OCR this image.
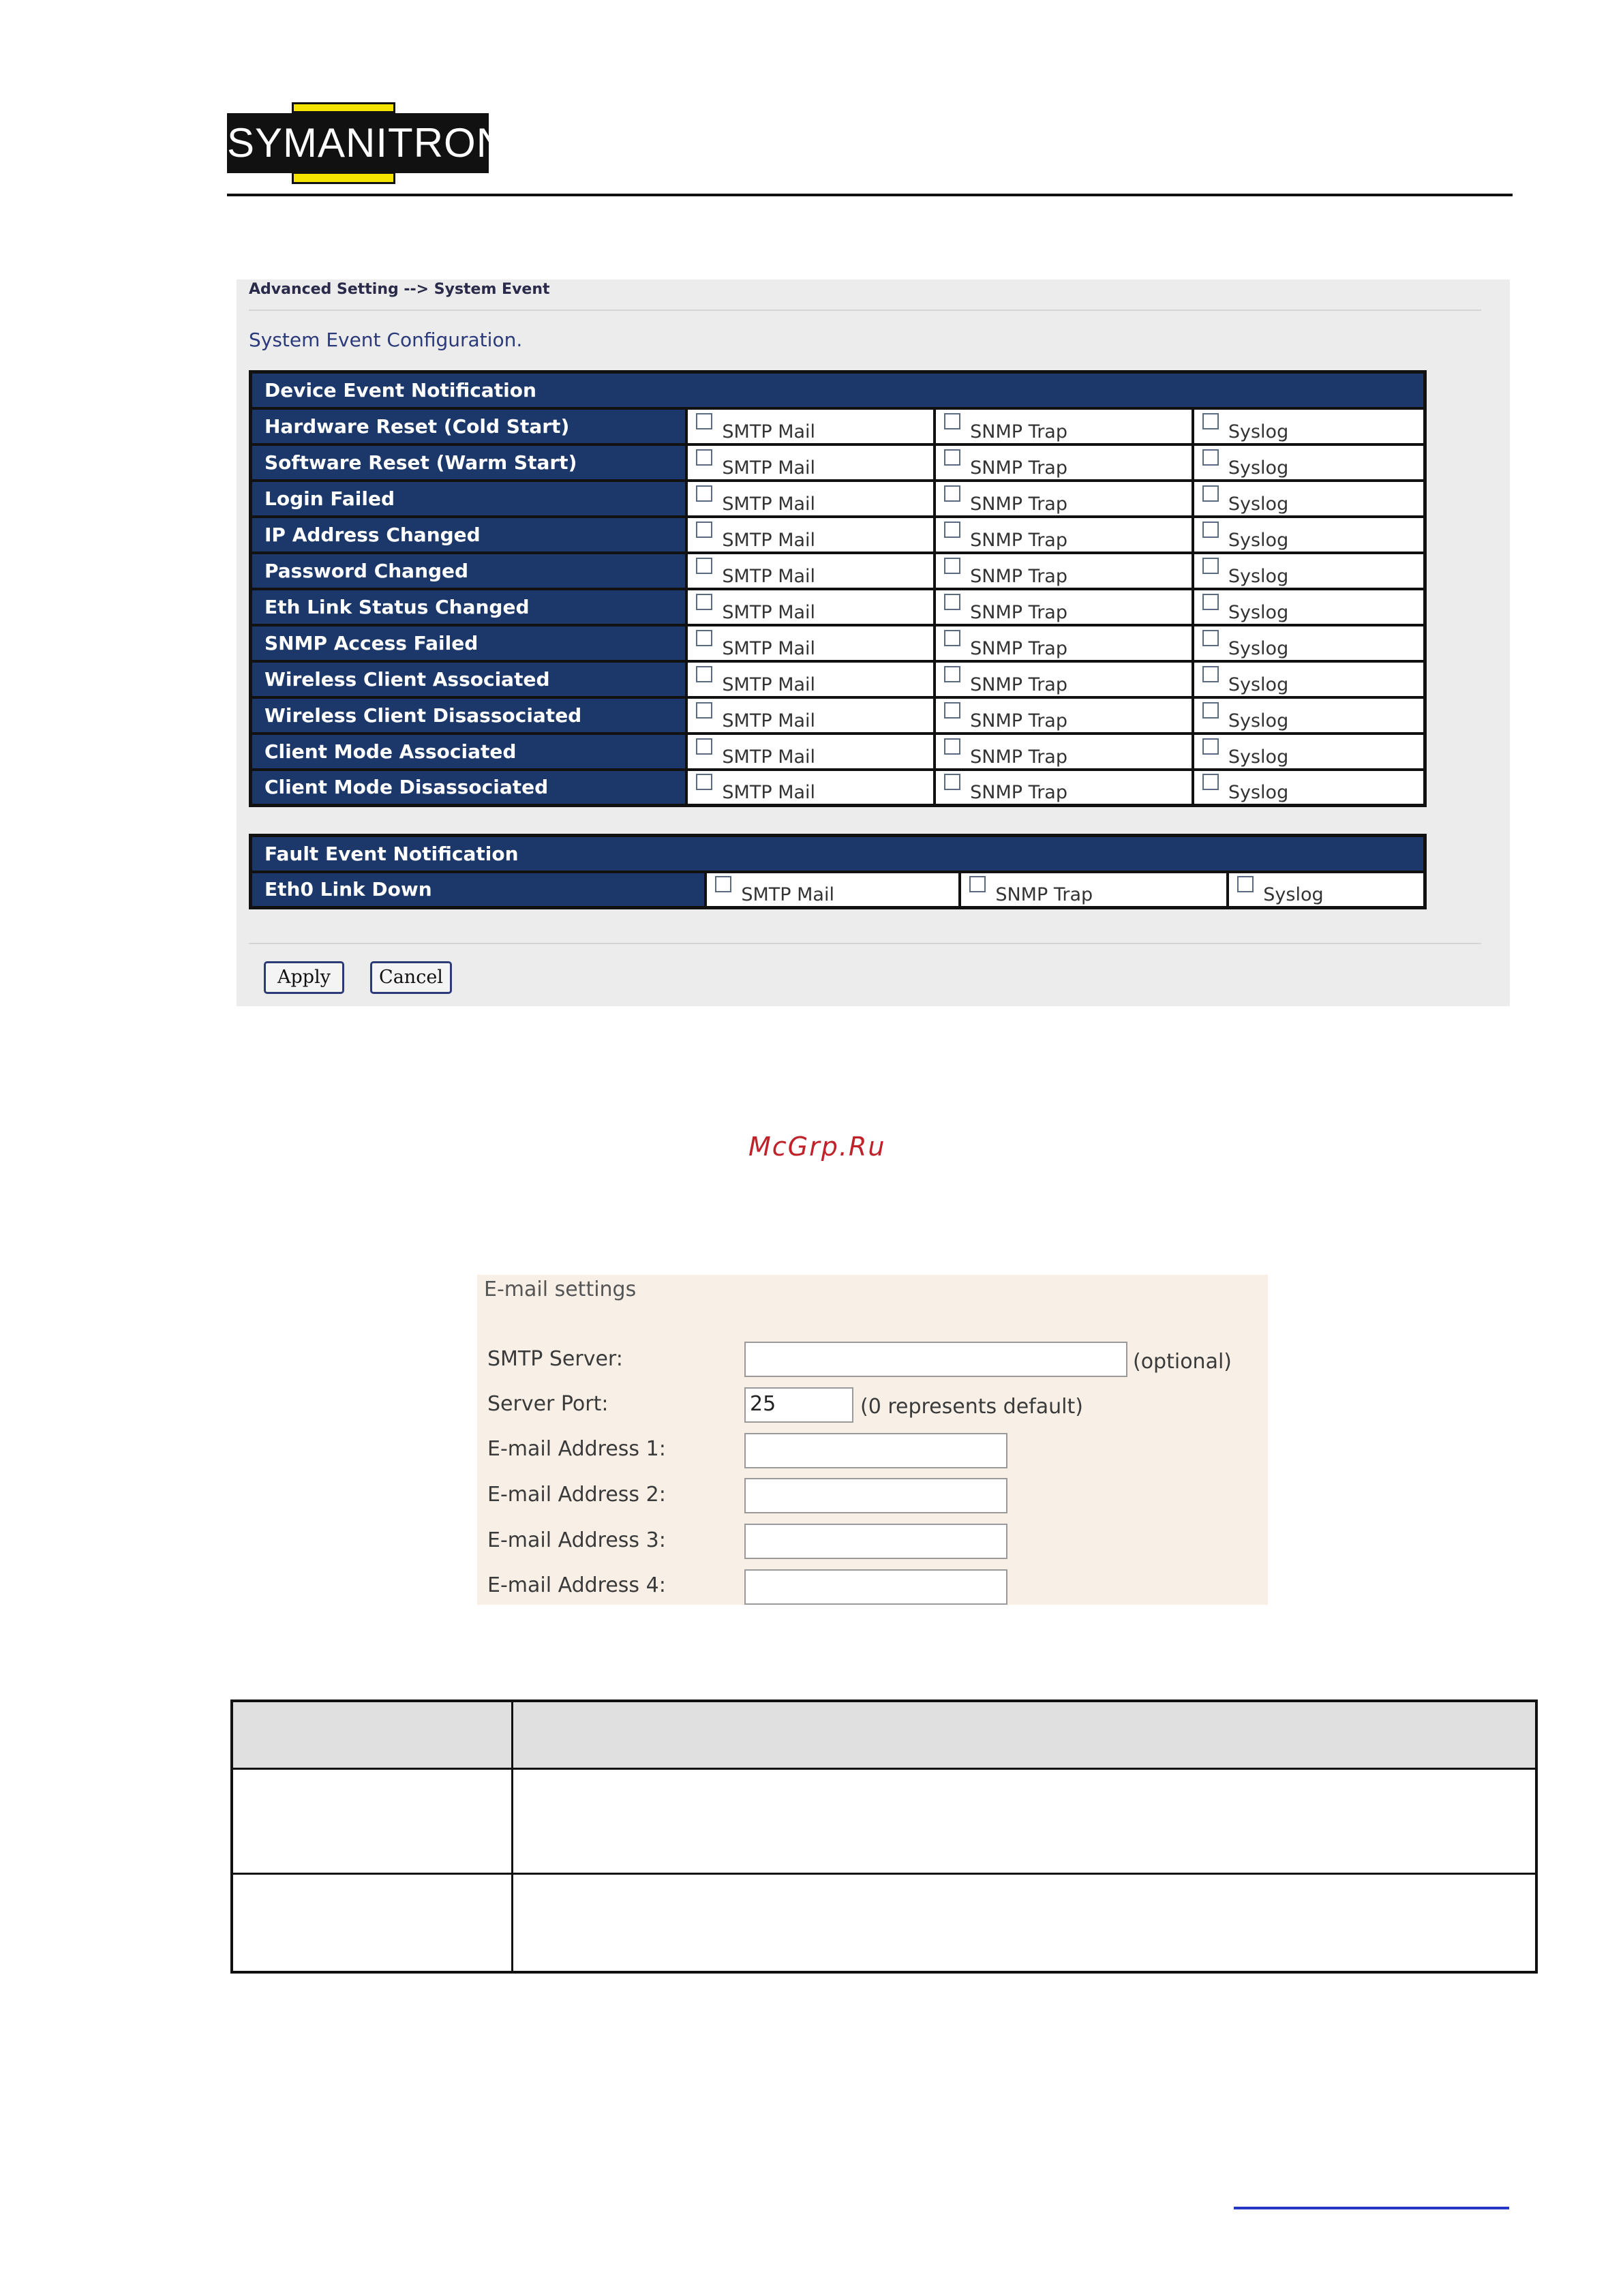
SYMANITRON
Advanced Setting --> System Event
System Event Configuration.
Device Event Notification			
Hardware Reset (Cold Start)	SMTP Mail	SNMP Trap	Syslog
Software Reset (Warm Start)	SMTP Mail	SNMP Trap	Syslog
Login Failed	SMTP Mail	SNMP Trap	Syslog
IP Address Changed	SMTP Mail	SNMP Trap	Syslog
Password Changed	SMTP Mail	SNMP Trap	Syslog
Eth Link Status Changed	SMTP Mail	SNMP Trap	Syslog
SNMP Access Failed	SMTP Mail	SNMP Trap	Syslog
Wireless Client Associated	SMTP Mail	SNMP Trap	Syslog
Wireless Client Disassociated	SMTP Mail	SNMP Trap	Syslog
Client Mode Associated	SMTP Mail	SNMP Trap	Syslog
Client Mode Disassociated	SMTP Mail	SNMP Trap	Syslog
Fault Event Notification
Eth0 Link Down	SMTP Mail	SNMP Trap	Syslog
Apply	Cancel
McGrp.Ru
E-mail settings
SMTP Server:	(optional)
Server Port:	25	(0 represents default)
E-mail Address 1:
E-mail Address 2:
E-mail Address 3:
E-mail Address 4:
